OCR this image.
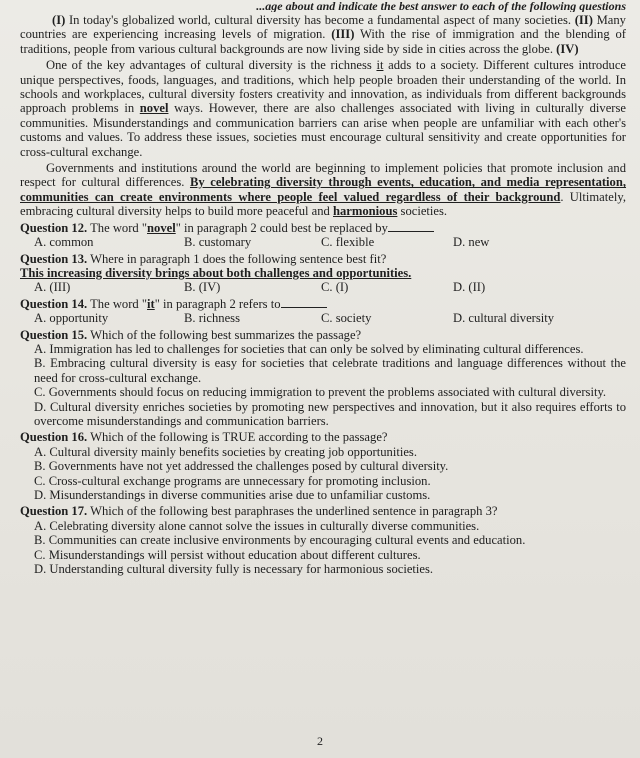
...age about and indicate the best answer to each of the following questions

(I) In today's globalized world, cultural diversity has become a fundamental aspect of many societies. (II) Many countries are experiencing increasing levels of migration. (III) With the rise of immigration and the blending of traditions, people from various cultural backgrounds are now living side by side in cities across the globe. (IV)

One of the key advantages of cultural diversity is the richness it adds to a society. Different cultures introduce unique perspectives, foods, languages, and traditions, which help people broaden their understanding of the world. In schools and workplaces, cultural diversity fosters creativity and innovation, as individuals from different backgrounds approach problems in novel ways. However, there are also challenges associated with living in culturally diverse communities. Misunderstandings and communication barriers can arise when people are unfamiliar with each other's customs and values. To address these issues, societies must encourage cultural sensitivity and create opportunities for cross-cultural exchange.

Governments and institutions around the world are beginning to implement policies that promote inclusion and respect for cultural differences. By celebrating diversity through events, education, and media representation, communities can create environments where people feel valued regardless of their background. Ultimately, embracing cultural diversity helps to build more peaceful and harmonious societies.

Question 12. The word "novel" in paragraph 2 could best be replaced by

A. common	B. customary	C. flexible	D. new

Question 13. Where in paragraph 1 does the following sentence best fit?

This increasing diversity brings about both challenges and opportunities.

A. (III)	B. (IV)	C. (I)	D. (II)

Question 14. The word "it" in paragraph 2 refers to

A. opportunity	B. richness	C. society	D. cultural diversity

Question 15. Which of the following best summarizes the passage?

A. Immigration has led to challenges for societies that can only be solved by eliminating cultural differences.

B. Embracing cultural diversity is easy for societies that celebrate traditions and language differences without the need for cross-cultural exchange.

C. Governments should focus on reducing immigration to prevent the problems associated with cultural diversity.

D. Cultural diversity enriches societies by promoting new perspectives and innovation, but it also requires efforts to overcome misunderstandings and communication barriers.

Question 16. Which of the following is TRUE according to the passage?

A. Cultural diversity mainly benefits societies by creating job opportunities.

B. Governments have not yet addressed the challenges posed by cultural diversity.

C. Cross-cultural exchange programs are unnecessary for promoting inclusion.

D. Misunderstandings in diverse communities arise due to unfamiliar customs.

Question 17. Which of the following best paraphrases the underlined sentence in paragraph 3?

A. Celebrating diversity alone cannot solve the issues in culturally diverse communities.

B. Communities can create inclusive environments by encouraging cultural events and education.

C. Misunderstandings will persist without education about different cultures.

D. Understanding cultural diversity fully is necessary for harmonious societies.

2
